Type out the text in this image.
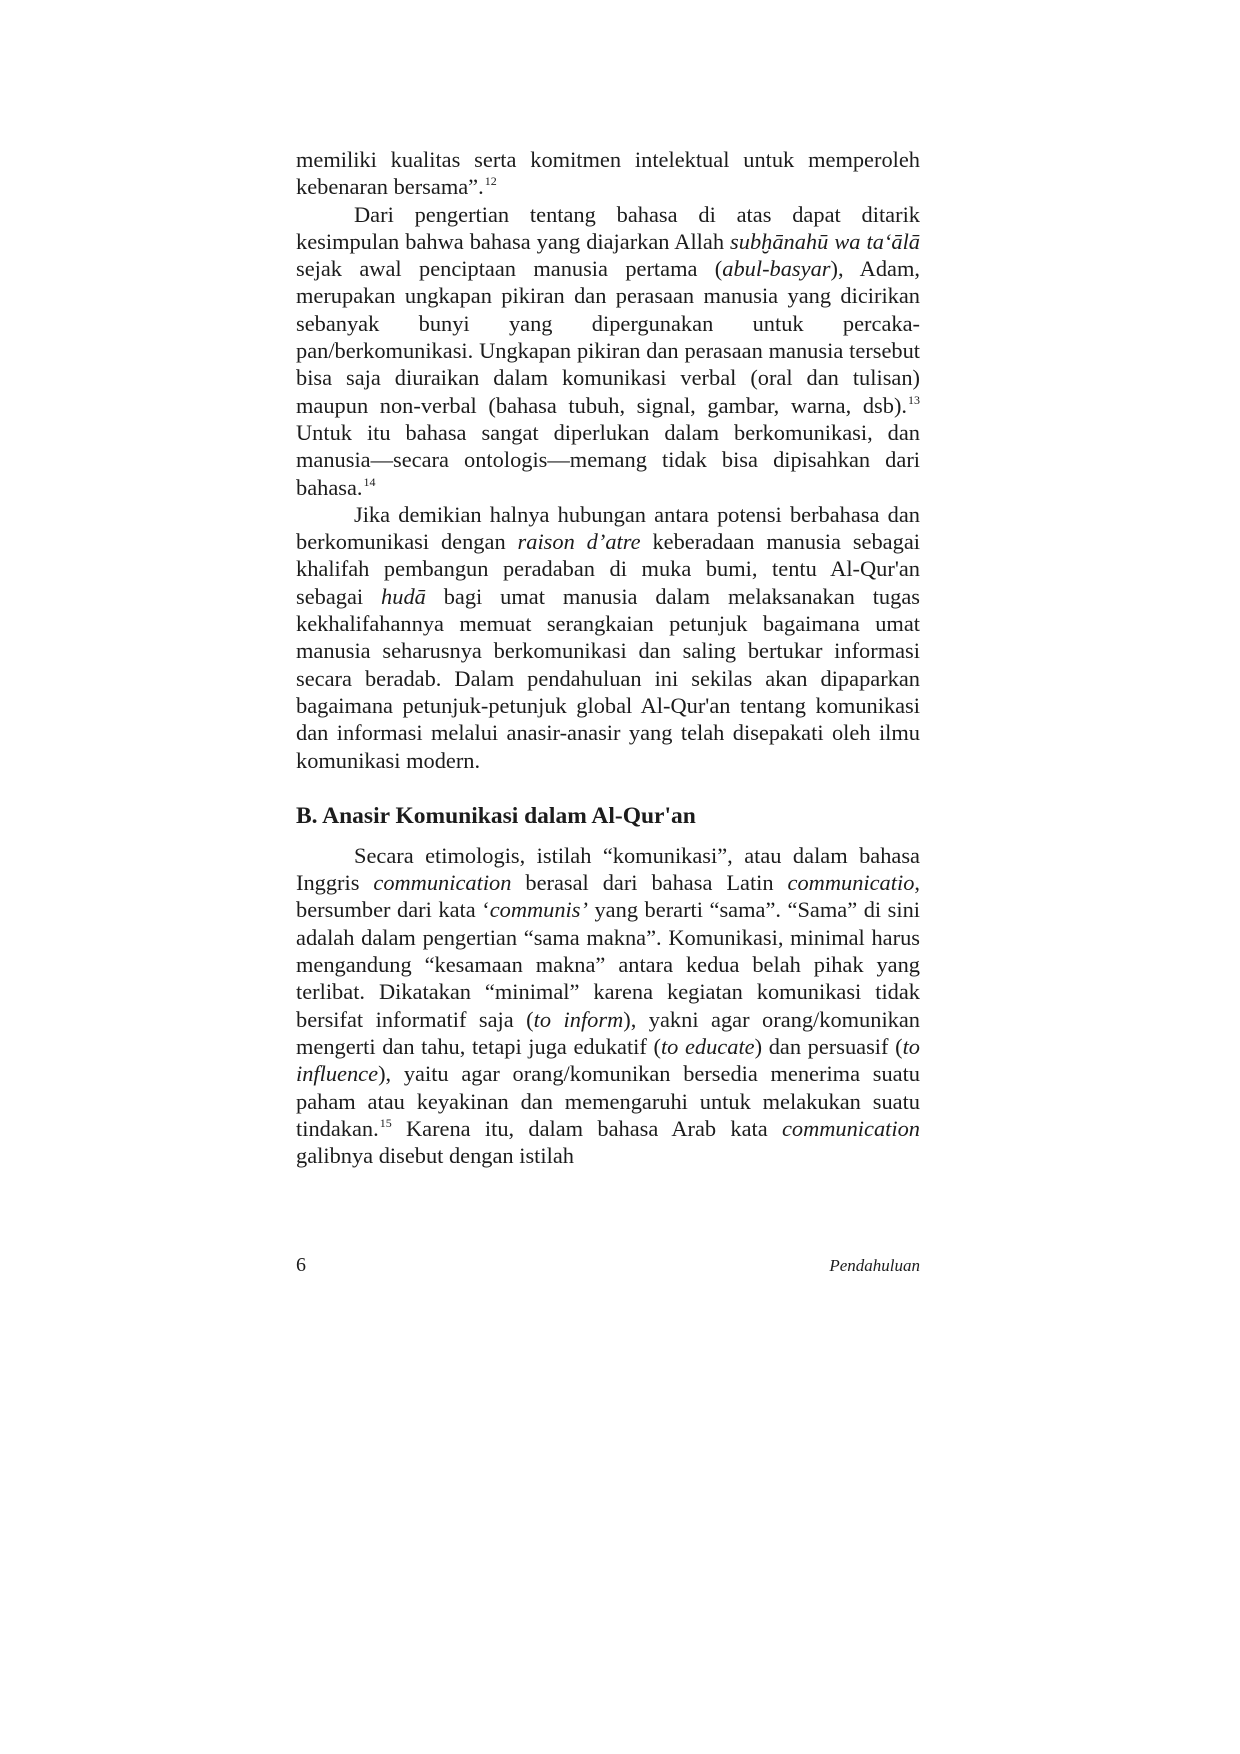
memiliki kualitas serta komitmen intelektual untuk memperoleh kebenaran bersama”.$^{12}$

Dari pengertian tentang bahasa di atas dapat ditarik kesimpulan bahwa bahasa yang diajarkan Allah subḫānahū wa ta‘ālā sejak awal penciptaan manusia pertama (abul-basyar), Adam, merupakan ungkapan pikiran dan perasaan manusia yang dicirikan sebanyak bunyi yang dipergunakan untuk percakapan/berkomunikasi. Ungkapan pikiran dan perasaan manusia tersebut bisa saja diuraikan dalam komunikasi verbal (oral dan tulisan) maupun non-verbal (bahasa tubuh, signal, gambar, warna, dsb).$^{13}$ Untuk itu bahasa sangat diperlukan dalam berkomunikasi, dan manusia—secara ontologis—memang tidak bisa dipisahkan dari bahasa.$^{14}$

Jika demikian halnya hubungan antara potensi berbahasa dan berkomunikasi dengan raison d’atre keberadaan manusia sebagai khalifah pembangun peradaban di muka bumi, tentu Al-Qur'an sebagai hudā bagi umat manusia dalam melaksanakan tugas kekhalifahannya memuat serangkaian petunjuk bagaimana umat manusia seharusnya berkomunikasi dan saling bertukar informasi secara beradab. Dalam pendahuluan ini sekilas akan dipaparkan bagaimana petunjuk-petunjuk global Al-Qur'an tentang komunikasi dan informasi melalui anasir-anasir yang telah disepakati oleh ilmu komunikasi modern.

B. Anasir Komunikasi dalam Al-Qur'an

Secara etimologis, istilah “komunikasi”, atau dalam bahasa Inggris communication berasal dari bahasa Latin communicatio, bersumber dari kata ‘communis’ yang berarti “sama”. “Sama” di sini adalah dalam pengertian “sama makna”. Komunikasi, minimal harus mengandung “kesamaan makna” antara kedua belah pihak yang terlibat. Dikatakan “minimal” karena kegiatan komunikasi tidak bersifat informatif saja (to inform), yakni agar orang/komunikan mengerti dan tahu, tetapi juga edukatif (to educate) dan persuasif (to influence), yaitu agar orang/komunikan bersedia menerima suatu paham atau keyakinan dan memengaruhi untuk melakukan suatu tindakan.$^{15}$ Karena itu, dalam bahasa Arab kata communication galibnya disebut dengan istilah

6	Pendahuluan
